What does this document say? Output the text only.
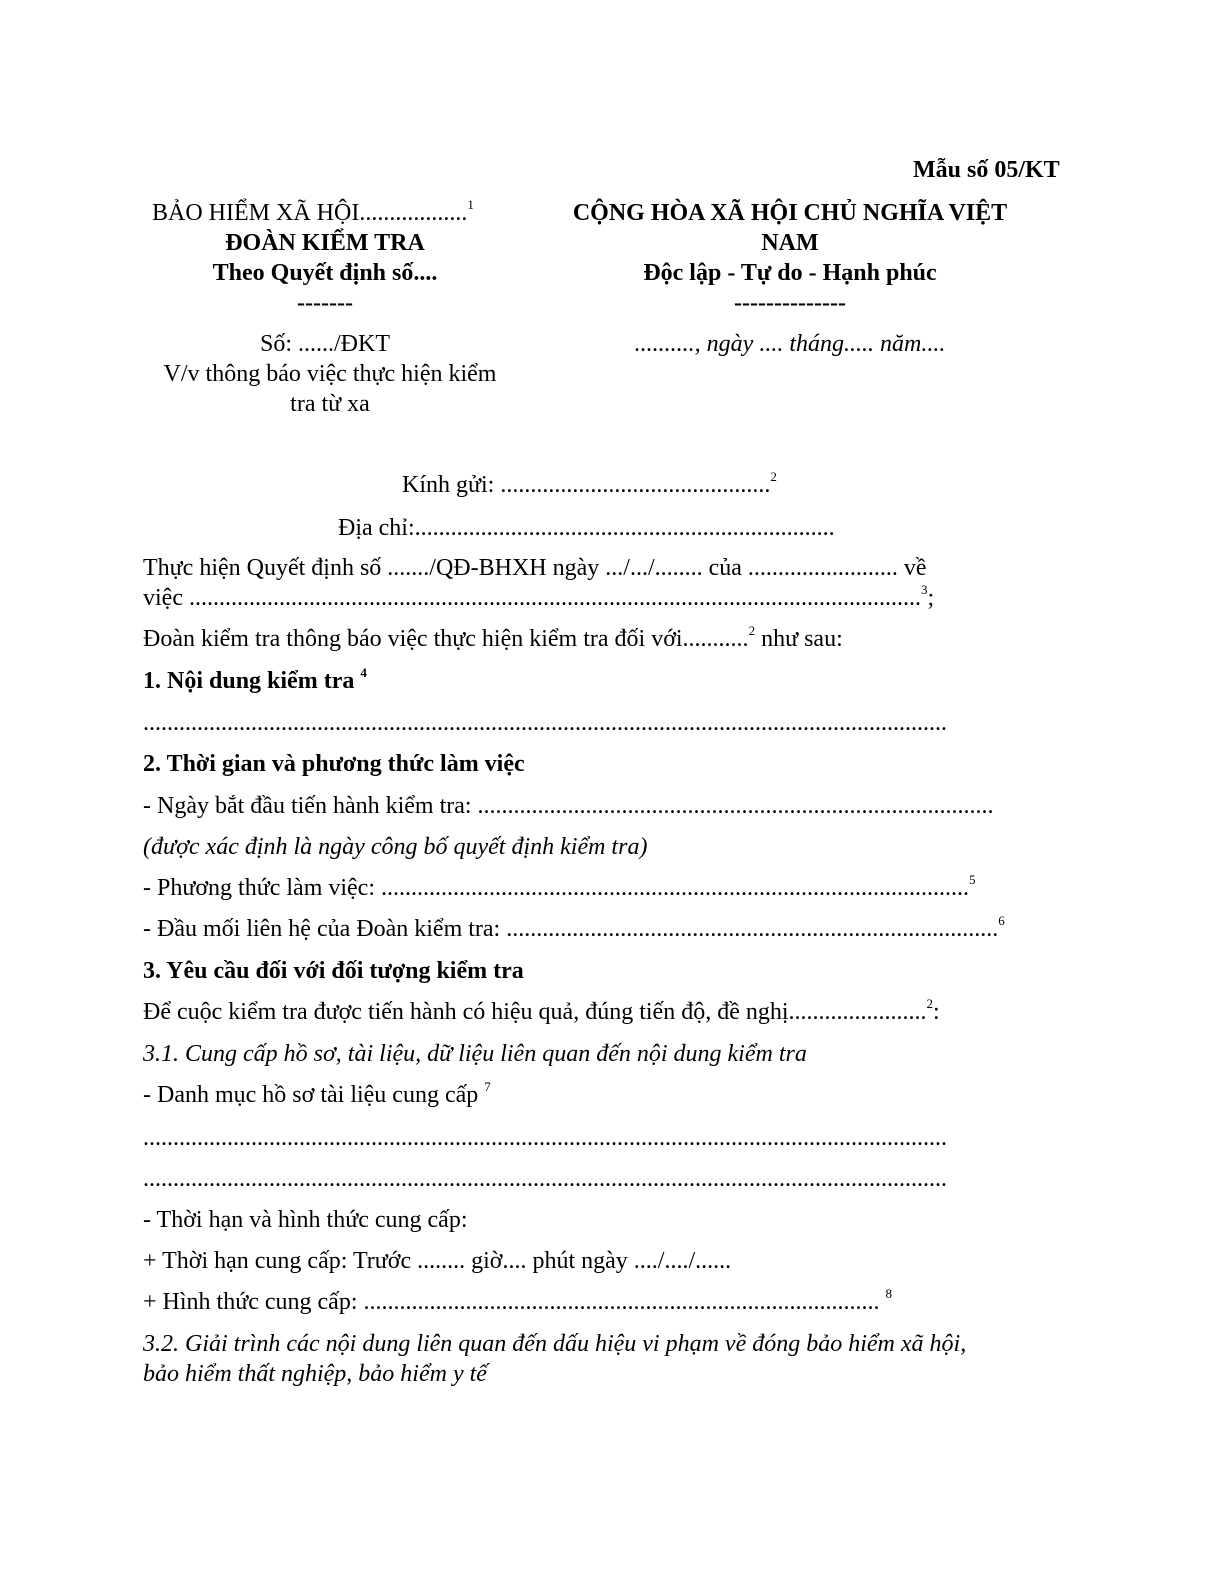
Mẫu số 05/KT
BẢO HIỂM XÃ HỘI..................$^1$
ĐOÀN KIỂM TRA
Theo Quyết định số....
-------
Số: ....../ĐKT
V/v thông báo việc thực hiện kiểm
tra từ xa
CỘNG HÒA XÃ HỘI CHỦ NGHĨA VIỆT
NAM
Độc lập - Tự do - Hạnh phúc
--------------
.........., ngày .... tháng..... năm....
Kính gửi: .............................................$^2$
Địa chỉ:......................................................................
Thực hiện Quyết định số ......./QĐ-BHXH ngày .../.../........ của ......................... về
việc ..........................................................................................................................$^3$;
Đoàn kiểm tra thông báo việc thực hiện kiểm tra đối với...........$^2$ như sau:
1. Nội dung kiểm tra $^4$
......................................................................................................................................
2. Thời gian và phương thức làm việc
- Ngày bắt đầu tiến hành kiểm tra: ......................................................................................
(được xác định là ngày công bố quyết định kiểm tra)
- Phương thức làm việc: ..................................................................................................$^5$
- Đầu mối liên hệ của Đoàn kiểm tra: ..................................................................................$^6$
3. Yêu cầu đối với đối tượng kiểm tra
Để cuộc kiểm tra được tiến hành có hiệu quả, đúng tiến độ, đề nghị.......................$^2$:
3.1. Cung cấp hồ sơ, tài liệu, dữ liệu liên quan đến nội dung kiểm tra
- Danh mục hồ sơ tài liệu cung cấp $^7$
......................................................................................................................................
......................................................................................................................................
- Thời hạn và hình thức cung cấp:
+ Thời hạn cung cấp: Trước ........ giờ.... phút ngày ..../..../......
+ Hình thức cung cấp: ...................................................................................... $^8$
3.2. Giải trình các nội dung liên quan đến dấu hiệu vi phạm về đóng bảo hiểm xã hội,
bảo hiểm thất nghiệp, bảo hiểm y tế
